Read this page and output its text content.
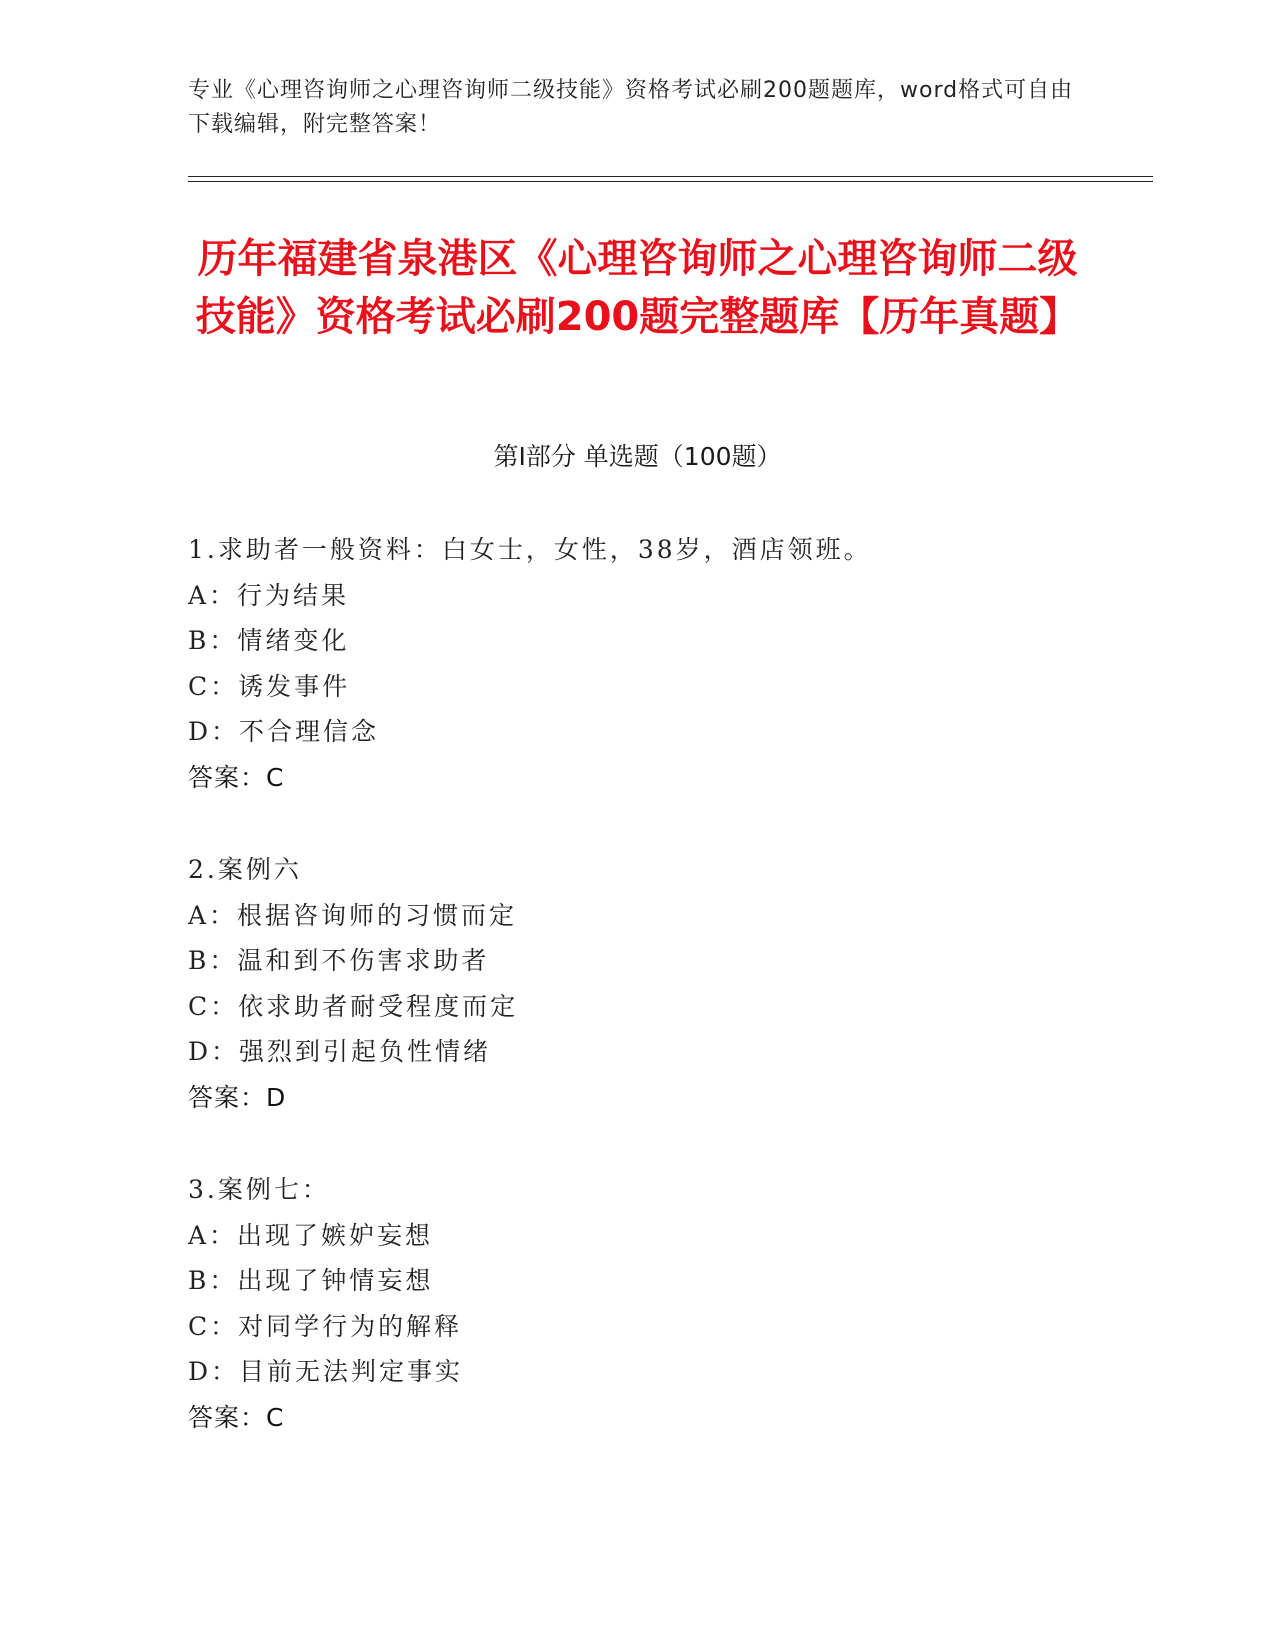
专业《心理咨询师之心理咨询师二级技能》资格考试必刷200题题库，word格式可自由下载编辑，附完整答案！
历年福建省泉港区《心理咨询师之心理咨询师二级技能》资格考试必刷200题完整题库【历年真题】
第Ⅰ部分 单选题（100题）
1.求助者一般资料：白女士，女性，38岁，酒店领班。
A：行为结果
B：情绪变化
C：诱发事件
D：不合理信念
答案：C
2.案例六
A：根据咨询师的习惯而定
B：温和到不伤害求助者
C：依求助者耐受程度而定
D：强烈到引起负性情绪
答案：D
3.案例七：
A：出现了嫉妒妄想
B：出现了钟情妄想
C：对同学行为的解释
D：目前无法判定事实
答案：C
